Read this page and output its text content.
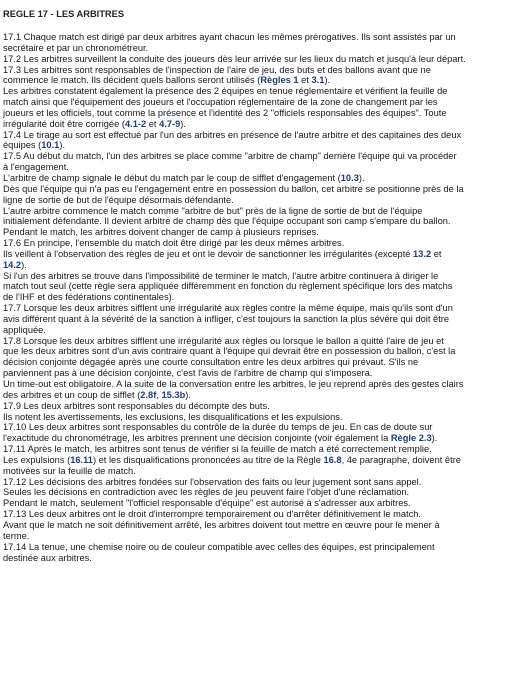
REGLE 17 - LES ARBITRES
17.1 Chaque match est dirigé par deux arbitres ayant chacun les mêmes prérogatives. Ils sont assistés par un
secrétaire et par un chronométreur.
17.2 Les arbitres surveillent la conduite des joueurs dès leur arrivée sur les lieux du match et jusqu'à leur départ.
17.3 Les arbitres sont responsables de l'inspection de l'aire de jeu, des buts et des ballons avant que ne
commence le match. Ils décident quels ballons seront utilisés (Règles 1 et 3.1).
Les arbitres constatent également la présence des 2 équipes en tenue réglementaire et vérifient la feuille de
match ainsi que l'équipement des joueurs et l'occupation réglementaire de la zone de changement par les
joueurs et les officiels, tout comme la présence et l'identité des 2 "officiels responsables des équipes". Toute
irrégularité doit être corrigée (4.1-2 et 4.7-9).
17.4 Le tirage au sort est effectué par l'un des arbitres en présence de l'autre arbitre et des capitaines des deux
équipes (10.1).
17.5 Au début du match, l'un des arbitres se place comme "arbitre de champ" derrière l'équipe qui va procéder
à l'engagement.
L'arbitre de champ signale le début du match par le coup de sifflet d'engagement (10.3).
Dès que l'équipe qui n'a pas eu l'engagement entre en possession du ballon, cet arbitre se positionne près de la
ligne de sortie de but de l'équipe désormais défendante.
L'autre arbitre commence le match comme "arbitre de but" près de la ligne de sortie de but de l'équipe
initialement défendante. Il devient arbitre de champ dès que l'équipe occupant son camp s'empare du ballon.
Pendant le match, les arbitres doivent changer de camp à plusieurs reprises.
17.6 En principe, l'ensemble du match doit être dirigé par les deux mêmes arbitres.
Ils veillent à l'observation des règles de jeu et ont le devoir de sanctionner les irrégularités (excepté 13.2 et
14.2).
Si l'un des arbitres se trouve dans l'impossibilité de terminer le match, l'autre arbitre continuera à diriger le
match tout seul (cette règle sera appliquée différemment en fonction du règlement spécifique lors des matchs
de l'IHF et des fédérations continentales).
17.7 Lorsque les deux arbitres sifflent une irrégularité aux règles contre la même équipe, mais qu'ils sont d'un
avis différent quant à la sévérité de la sanction à infliger, c'est toujours la sanction la plus sévère qui doit être
appliquée.
17.8 Lorsque les deux arbitres sifflent une irrégularité aux règles ou lorsque le ballon a quitté l'aire de jeu et
que les deux arbitres sont d'un avis contraire quant à l'équipe qui devrait être en possession du ballon, c'est la
décision conjointe dégagée après une courte consultation entre les deux arbitres qui prévaut. S'ils ne
parviennent pas à une décision conjointe, c'est l'avis de l'arbitre de champ qui s'imposera.
Un time-out est obligatoire. A la suite de la conversation entre les arbitres, le jeu reprend après des gestes clairs
des arbitres et un coup de sifflet (2.8f, 15.3b).
17.9 Les deux arbitres sont responsables du décompte des buts.
Ils notent les avertissements, les exclusions, les disqualifications et les expulsions.
17.10 Les deux arbitres sont responsables du contrôle de la durée du temps de jeu. En cas de doute sur
l'exactitude du chronométrage, les arbitres prennent une décision conjointe (voir également la Règle 2.3).
17.11 Après le match, les arbitres sont tenus de vérifier si la feuille de match a été correctement remplie.
Les expulsions (16.11) et les disqualifications prononcées au titre de la Règle 16.8, 4e paragraphe, doivent être
motivées sur la feuille de match.
17.12 Les décisions des arbitres fondées sur l'observation des faits ou leur jugement sont sans appel.
Seules les décisions en contradiction avec les règles de jeu peuvent faire l'objet d'une réclamation.
Pendant le match, seulement "l'officiel responsable d'équipe" est autorisé à s'adresser aux arbitres.
17.13 Les deux arbitres ont le droit d'interrompre temporairement ou d'arrêter définitivement le match.
Avant que le match ne soit définitivement arrêté, les arbitres doivent tout mettre en œuvre pour le mener à
terme.
17.14 La tenue, une chemise noire ou de couleur compatible avec celles des équipes, est principalement
destinée aux arbitres.
